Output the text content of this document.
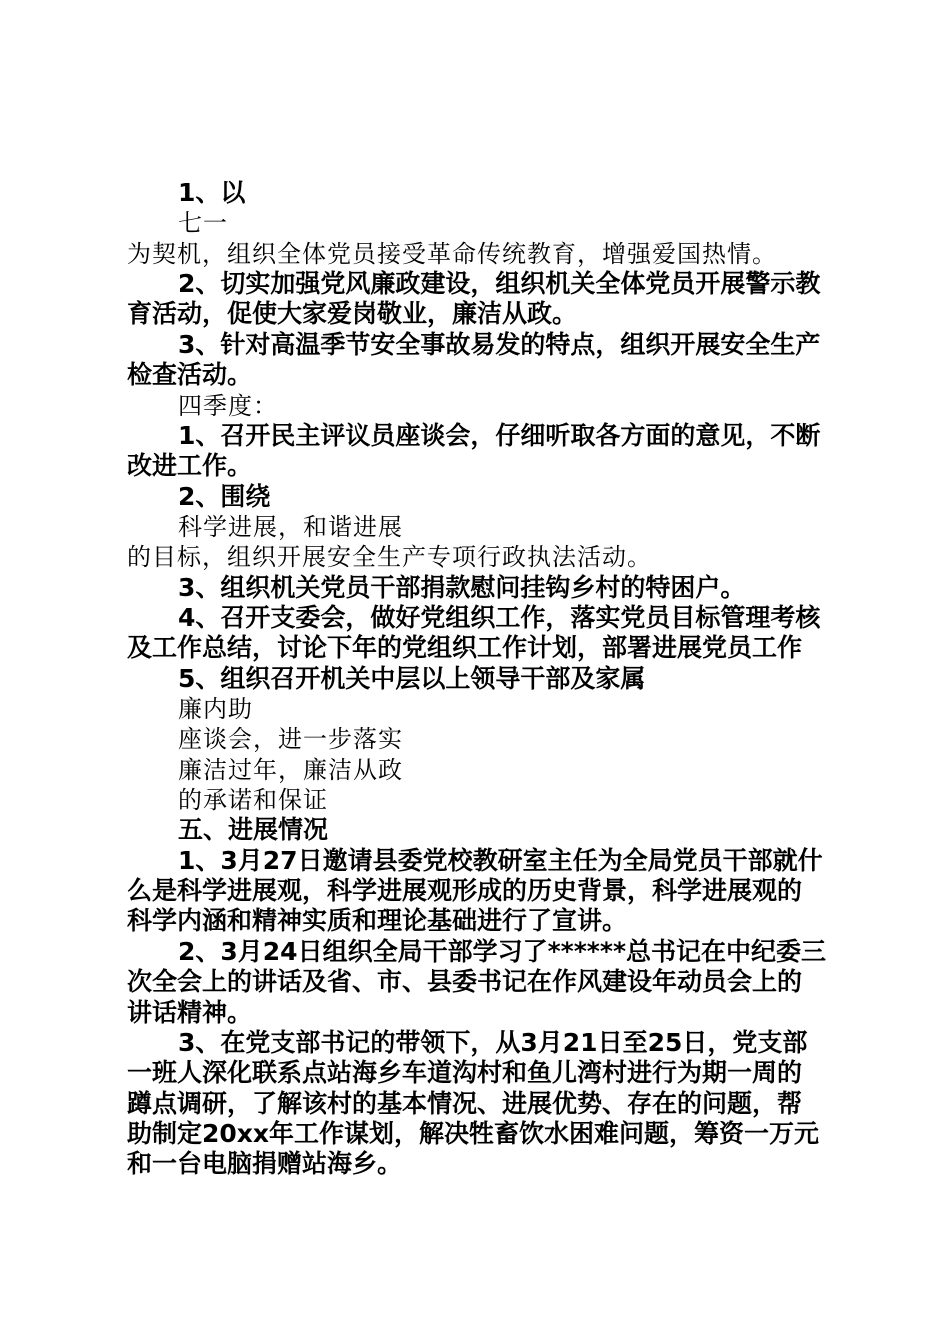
1、以
七一
为契机，组织全体党员接受革命传统教育，增强爱国热情。
2、切实加强党风廉政建设，组织机关全体党员开展警示教
育活动，促使大家爱岗敬业，廉洁从政。
3、针对高温季节安全事故易发的特点，组织开展安全生产
检查活动。
四季度：
1、召开民主评议员座谈会，仔细听取各方面的意见，不断
改进工作。
2、围绕
科学进展，和谐进展
的目标，组织开展安全生产专项行政执法活动。
3、组织机关党员干部捐款慰问挂钩乡村的特困户。
4、召开支委会，做好党组织工作，落实党员目标管理考核
及工作总结，讨论下年的党组织工作计划，部署进展党员工作
5、组织召开机关中层以上领导干部及家属
廉内助
座谈会，进一步落实
廉洁过年，廉洁从政
的承诺和保证
五、进展情况
1、3月27日邀请县委党校教研室主任为全局党员干部就什
么是科学进展观，科学进展观形成的历史背景，科学进展观的
科学内涵和精神实质和理论基础进行了宣讲。
2、3月24日组织全局干部学习了******总书记在中纪委三
次全会上的讲话及省、市、县委书记在作风建设年动员会上的
讲话精神。
3、在党支部书记的带领下，从3月21日至25日，党支部
一班人深化联系点站海乡车道沟村和鱼儿湾村进行为期一周的
蹲点调研，了解该村的基本情况、进展优势、存在的问题，帮
助制定20xx年工作谋划，解决牲畜饮水困难问题，筹资一万元
和一台电脑捐赠站海乡。
